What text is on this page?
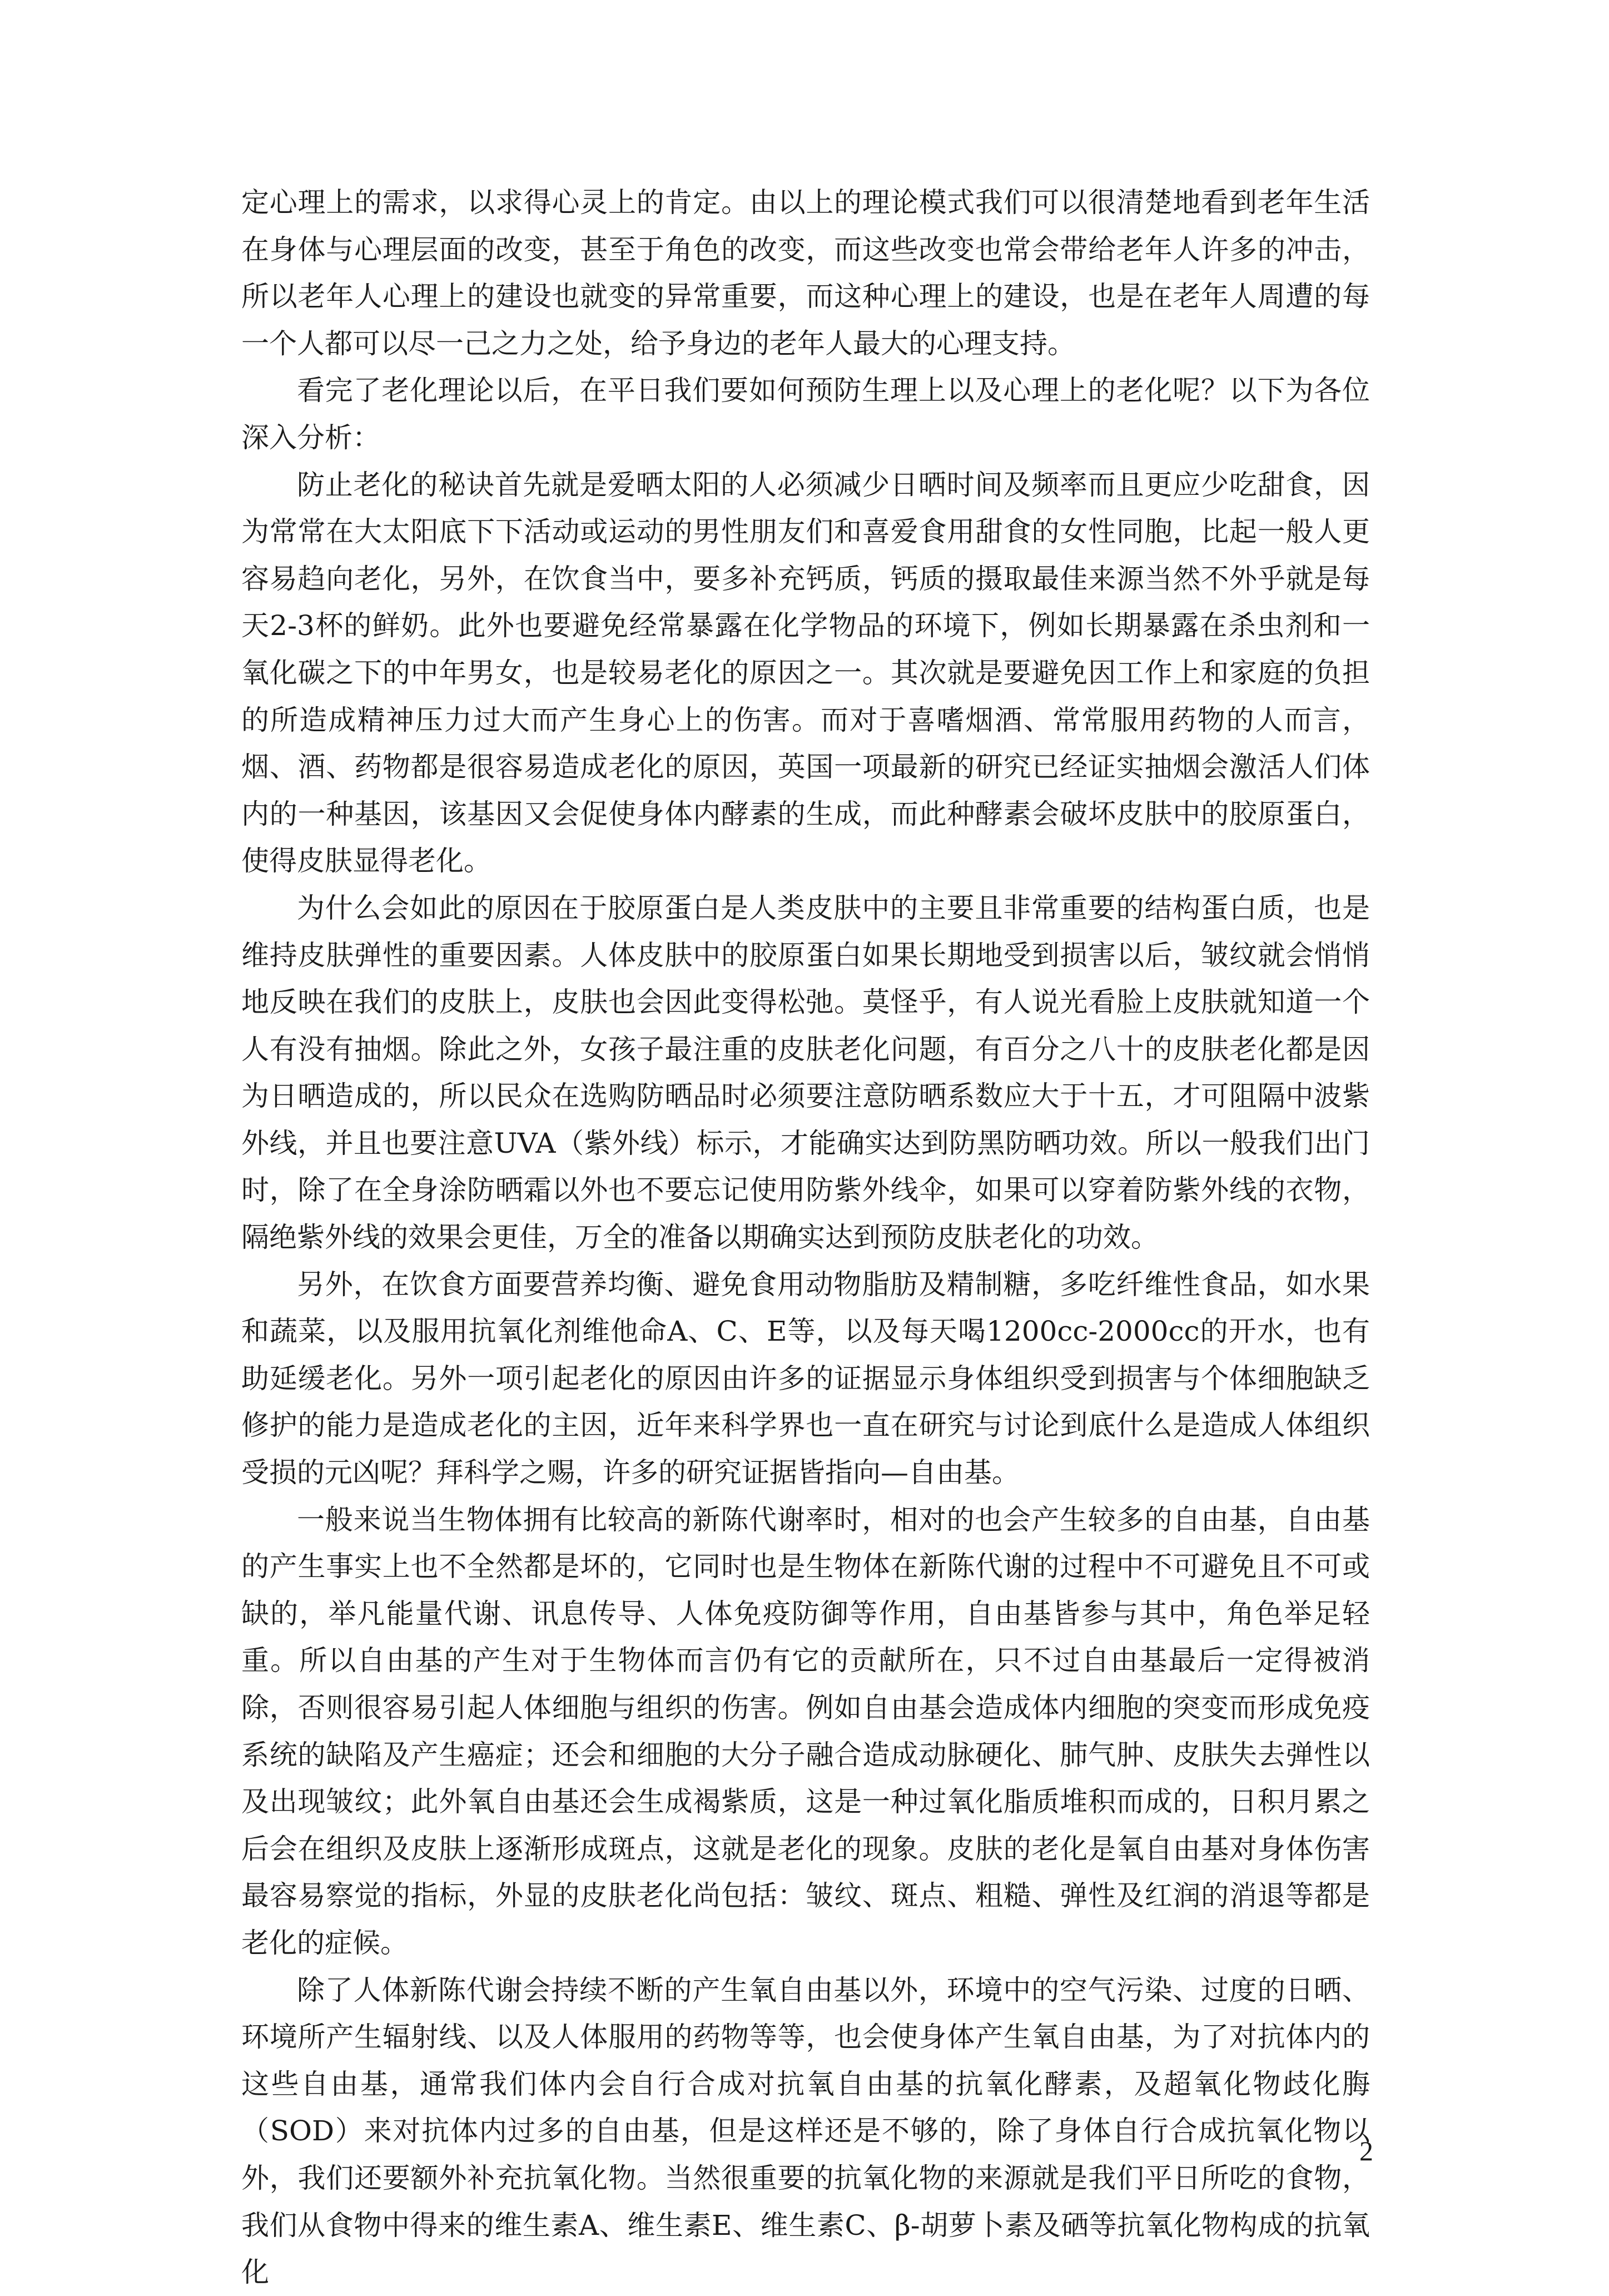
定心理上的需求，以求得心灵上的肯定。由以上的理论模式我们可以很清楚地看到老年生活在身体与心理层面的改变，甚至于角色的改变，而这些改变也常会带给老年人许多的冲击，所以老年人心理上的建设也就变的异常重要，而这种心理上的建设，也是在老年人周遭的每一个人都可以尽一己之力之处，给予身边的老年人最大的心理支持。

看完了老化理论以后，在平日我们要如何预防生理上以及心理上的老化呢？以下为各位深入分析：

防止老化的秘诀首先就是爱晒太阳的人必须减少日晒时间及频率而且更应少吃甜食，因为常常在大太阳底下下活动或运动的男性朋友们和喜爱食用甜食的女性同胞，比起一般人更容易趋向老化，另外，在饮食当中，要多补充钙质，钙质的摄取最佳来源当然不外乎就是每天2-3杯的鲜奶。此外也要避免经常暴露在化学物品的环境下，例如长期暴露在杀虫剂和一氧化碳之下的中年男女，也是较易老化的原因之一。其次就是要避免因工作上和家庭的负担的所造成精神压力过大而产生身心上的伤害。而对于喜嗜烟酒、常常服用药物的人而言，烟、酒、药物都是很容易造成老化的原因，英国一项最新的研究已经证实抽烟会激活人们体内的一种基因，该基因又会促使身体内酵素的生成，而此种酵素会破坏皮肤中的胶原蛋白，使得皮肤显得老化。

为什么会如此的原因在于胶原蛋白是人类皮肤中的主要且非常重要的结构蛋白质，也是维持皮肤弹性的重要因素。人体皮肤中的胶原蛋白如果长期地受到损害以后，皱纹就会悄悄地反映在我们的皮肤上，皮肤也会因此变得松弛。莫怪乎，有人说光看脸上皮肤就知道一个人有没有抽烟。除此之外，女孩子最注重的皮肤老化问题，有百分之八十的皮肤老化都是因为日晒造成的，所以民众在选购防晒品时必须要注意防晒系数应大于十五，才可阻隔中波紫外线，并且也要注意UVA（紫外线）标示，才能确实达到防黑防晒功效。所以一般我们出门时，除了在全身涂防晒霜以外也不要忘记使用防紫外线伞，如果可以穿着防紫外线的衣物，隔绝紫外线的效果会更佳，万全的准备以期确实达到预防皮肤老化的功效。

另外，在饮食方面要营养均衡、避免食用动物脂肪及精制糖，多吃纤维性食品，如水果和蔬菜，以及服用抗氧化剂维他命A、C、E等，以及每天喝1200cc-2000cc的开水，也有助延缓老化。另外一项引起老化的原因由许多的证据显示身体组织受到损害与个体细胞缺乏修护的能力是造成老化的主因，近年来科学界也一直在研究与讨论到底什么是造成人体组织受损的元凶呢？拜科学之赐，许多的研究证据皆指向—自由基。

一般来说当生物体拥有比较高的新陈代谢率时，相对的也会产生较多的自由基，自由基的产生事实上也不全然都是坏的，它同时也是生物体在新陈代谢的过程中不可避免且不可或缺的，举凡能量代谢、讯息传导、人体免疫防御等作用，自由基皆参与其中，角色举足轻重。所以自由基的产生对于生物体而言仍有它的贡献所在，只不过自由基最后一定得被消除，否则很容易引起人体细胞与组织的伤害。例如自由基会造成体内细胞的突变而形成免疫系统的缺陷及产生癌症；还会和细胞的大分子融合造成动脉硬化、肺气肿、皮肤失去弹性以及出现皱纹；此外氧自由基还会生成褐紫质，这是一种过氧化脂质堆积而成的，日积月累之后会在组织及皮肤上逐渐形成斑点，这就是老化的现象。皮肤的老化是氧自由基对身体伤害最容易察觉的指标，外显的皮肤老化尚包括：皱纹、斑点、粗糙、弹性及红润的消退等都是老化的症候。

除了人体新陈代谢会持续不断的产生氧自由基以外，环境中的空气污染、过度的日晒、环境所产生辐射线、以及人体服用的药物等等，也会使身体产生氧自由基，为了对抗体内的这些自由基，通常我们体内会自行合成对抗氧自由基的抗氧化酵素，及超氧化物歧化脢（SOD）来对抗体内过多的自由基，但是这样还是不够的，除了身体自行合成抗氧化物以外，我们还要额外补充抗氧化物。当然很重要的抗氧化物的来源就是我们平日所吃的食物，我们从食物中得来的维生素A、维生素E、维生素C、β-胡萝卜素及硒等抗氧化物构成的抗氧化

2
